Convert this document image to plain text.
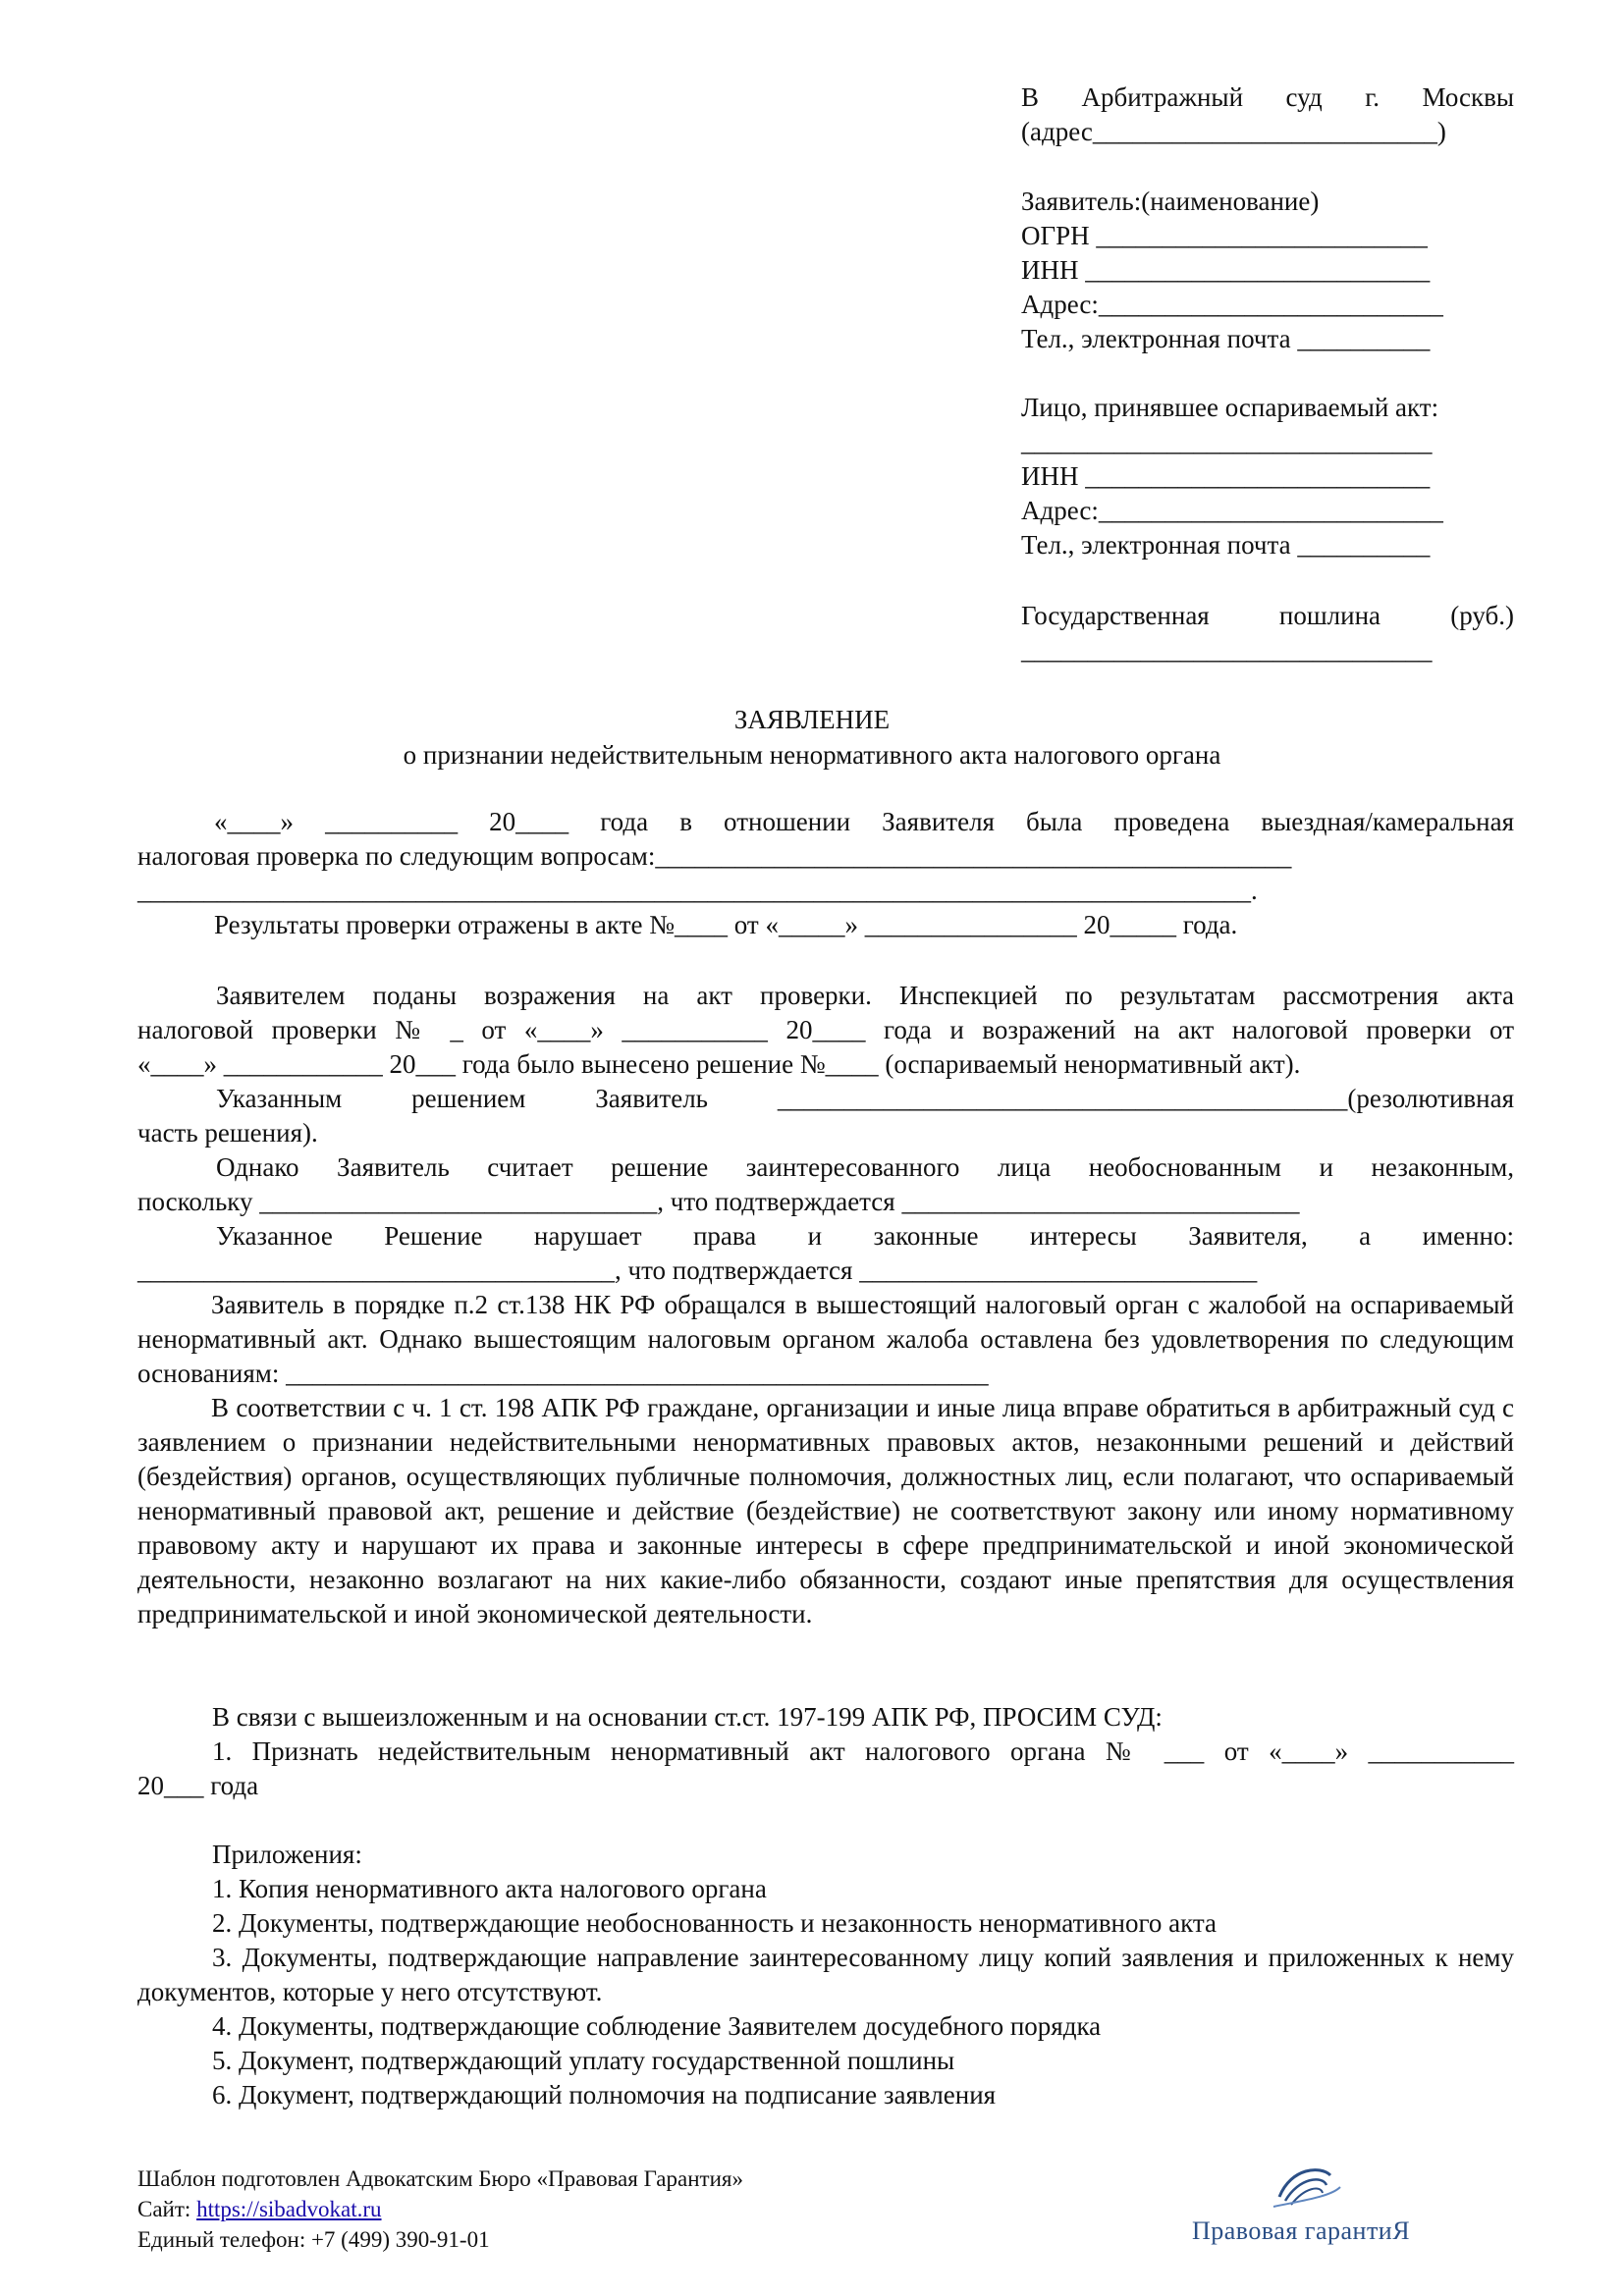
В Арбитражный суд г. Москвы
(адрес__________________________)
Заявитель:(наименование)
ОГРН _________________________
ИНН __________________________
Адрес:__________________________
Тел., электронная почта __________
Лицо, принявшее оспариваемый акт:
_______________________________
ИНН __________________________
Адрес:__________________________
Тел., электронная почта __________
Государственная пошлина (руб.)
_______________________________
ЗАЯВЛЕНИЕ
о признании недействительным ненормативного акта налогового органа
«____» __________ 20____ года в отношении Заявителя была проведена выездная/камеральная
налоговая проверка по следующим вопросам:________________________________________________
____________________________________________________________________________________.
Результаты проверки отражены в акте №____ от «_____» ________________ 20_____ года.
Заявителем поданы возражения на акт проверки. Инспекцией по результатам рассмотрения акта
налоговой проверки № _ от «____» ___________ 20____ года и возражений на акт налоговой проверки от
«____» ____________ 20___ года было вынесено решение №____ (оспариваемый ненормативный акт).
Указанным решением Заявитель ___________________________________________(резолютивная
часть решения).
Однако Заявитель считает решение заинтересованного лица необоснованным и незаконным,
поскольку ______________________________, что подтверждается ______________________________
Указанное Решение нарушает права и законные интересы Заявителя, а именно:
____________________________________, что подтверждается ______________________________

Заявитель в порядке п.2 ст.138 НК РФ обращался в вышестоящий налоговый орган с жалобой на оспариваемый ненормативный акт. Однако вышестоящим налоговым органом жалоба оставлена без удовлетворения по следующим основаниям: _____________________________________________________

В соответствии с ч. 1 ст. 198 АПК РФ граждане, организации и иные лица вправе обратиться в арбитражный суд с заявлением о признании недействительными ненормативных правовых актов, незаконными решений и действий (бездействия) органов, осуществляющих публичные полномочия, должностных лиц, если полагают, что оспариваемый ненормативный правовой акт, решение и действие (бездействие) не соответствуют закону или иному нормативному правовому акту и нарушают их права и законные интересы в сфере предпринимательской и иной экономической деятельности, незаконно возлагают на них какие-либо обязанности, создают иные препятствия для осуществления предпринимательской и иной экономической деятельности.

В связи с вышеизложенным и на основании ст.ст. 197-199 АПК РФ, ПРОСИМ СУД:
1. Признать недействительным ненормативный акт налогового органа № ___ от «____» ___________
20___ года
Приложения:
1. Копия ненормативного акта налогового органа
2. Документы, подтверждающие необоснованность и незаконность ненормативного акта

3. Документы, подтверждающие направление заинтересованному лицу копий заявления и приложенных к нему документов, которые у него отсутствуют.

4. Документы, подтверждающие соблюдение Заявителем досудебного порядка
5. Документ, подтверждающий уплату государственной пошлины
6. Документ, подтверждающий полномочия на подписание заявления
Шаблон подготовлен Адвокатским Бюро «Правовая Гарантия»
Сайт: https://sibadvokat.ru
Единый телефон: +7 (499) 390-91-01	Правовая гарантиЯ
